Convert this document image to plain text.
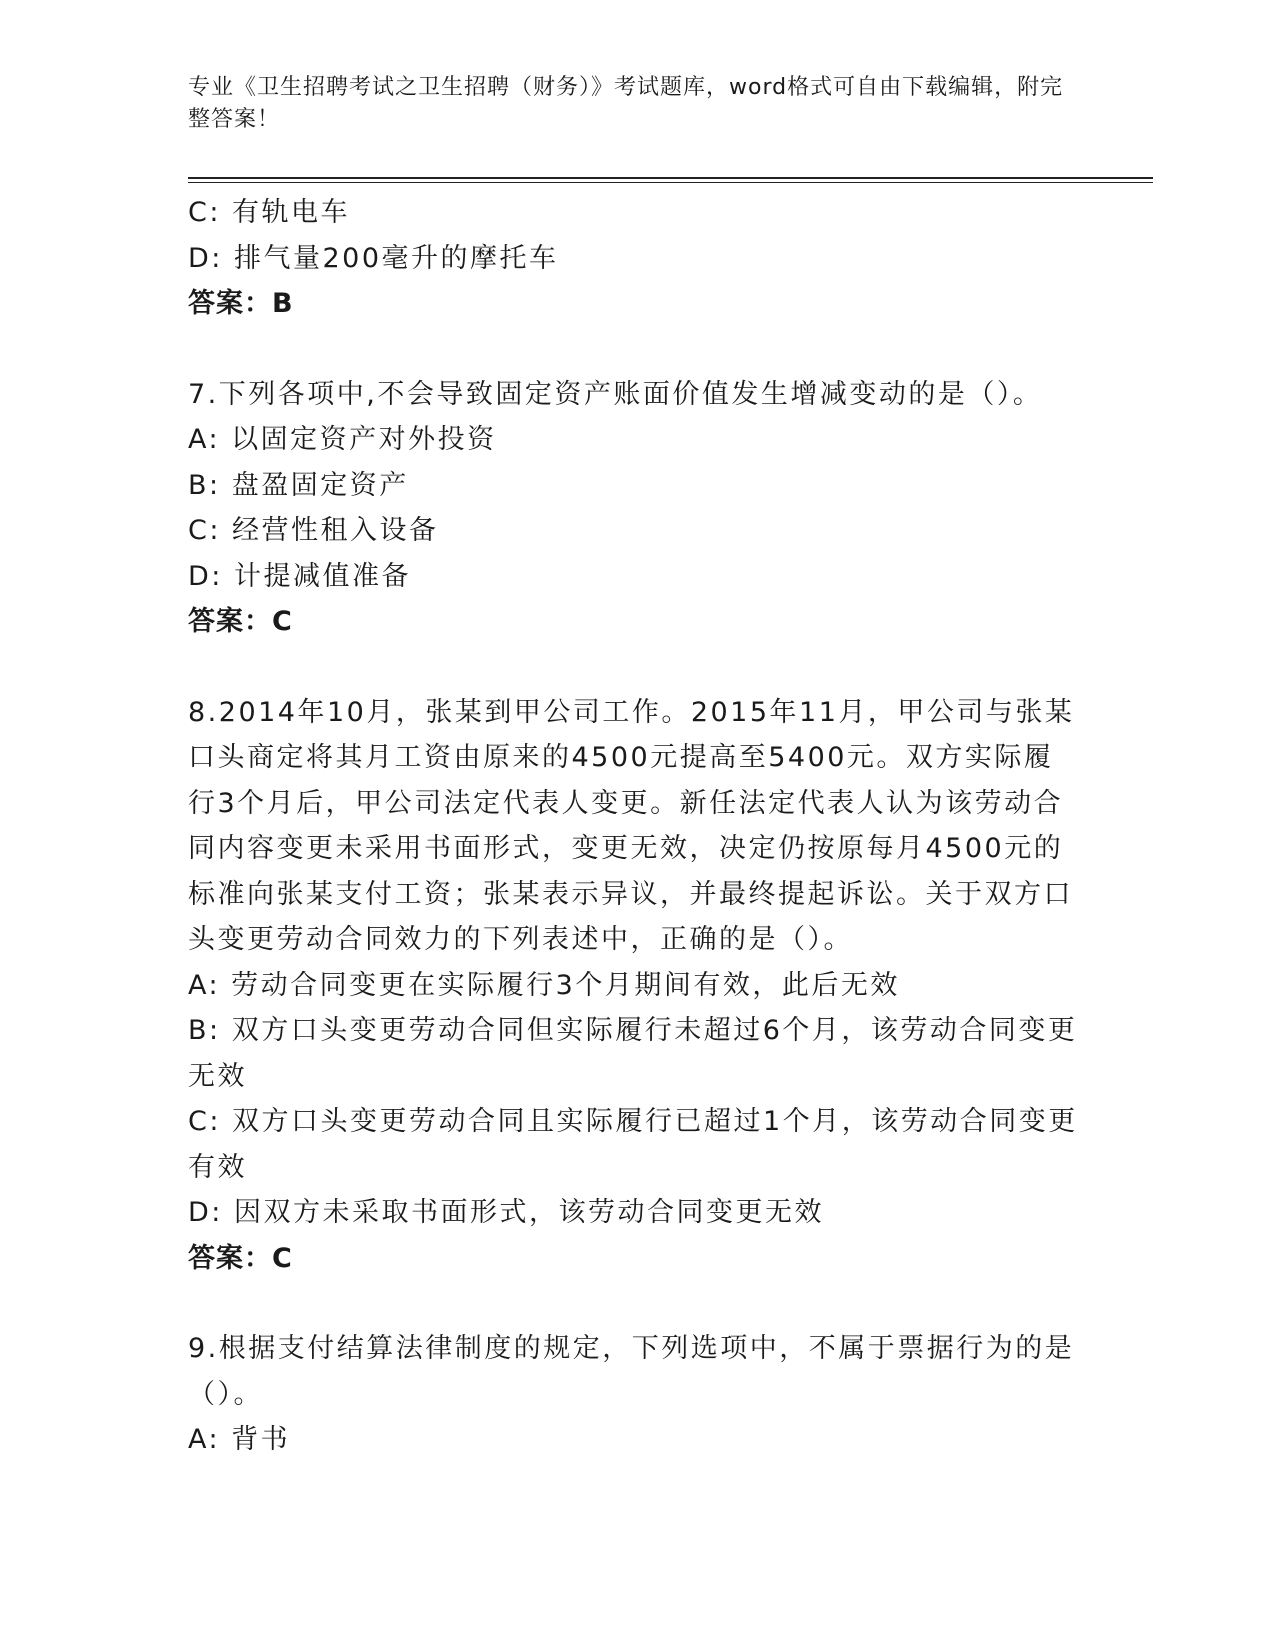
专业《卫生招聘考试之卫生招聘（财务）》考试题库，word格式可自由下载编辑，附完整答案！

C: 有轨电车

D: 排气量200毫升的摩托车

答案：B

7.下列各项中,不会导致固定资产账面价值发生增减变动的是（）。

A: 以固定资产对外投资

B: 盘盈固定资产

C: 经营性租入设备

D: 计提减值准备

答案：C

8.2014年10月，张某到甲公司工作。2015年11月，甲公司与张某口头商定将其月工资由原来的4500元提高至5400元。双方实际履行3个月后，甲公司法定代表人变更。新任法定代表人认为该劳动合同内容变更未采用书面形式，变更无效，决定仍按原每月4500元的标准向张某支付工资；张某表示异议，并最终提起诉讼。关于双方口头变更劳动合同效力的下列表述中，正确的是（）。

A: 劳动合同变更在实际履行3个月期间有效，此后无效

B: 双方口头变更劳动合同但实际履行未超过6个月，该劳动合同变更无效

C: 双方口头变更劳动合同且实际履行已超过1个月，该劳动合同变更有效

D: 因双方未采取书面形式，该劳动合同变更无效

答案：C

9.根据支付结算法律制度的规定，下列选项中，不属于票据行为的是（）。

A: 背书
